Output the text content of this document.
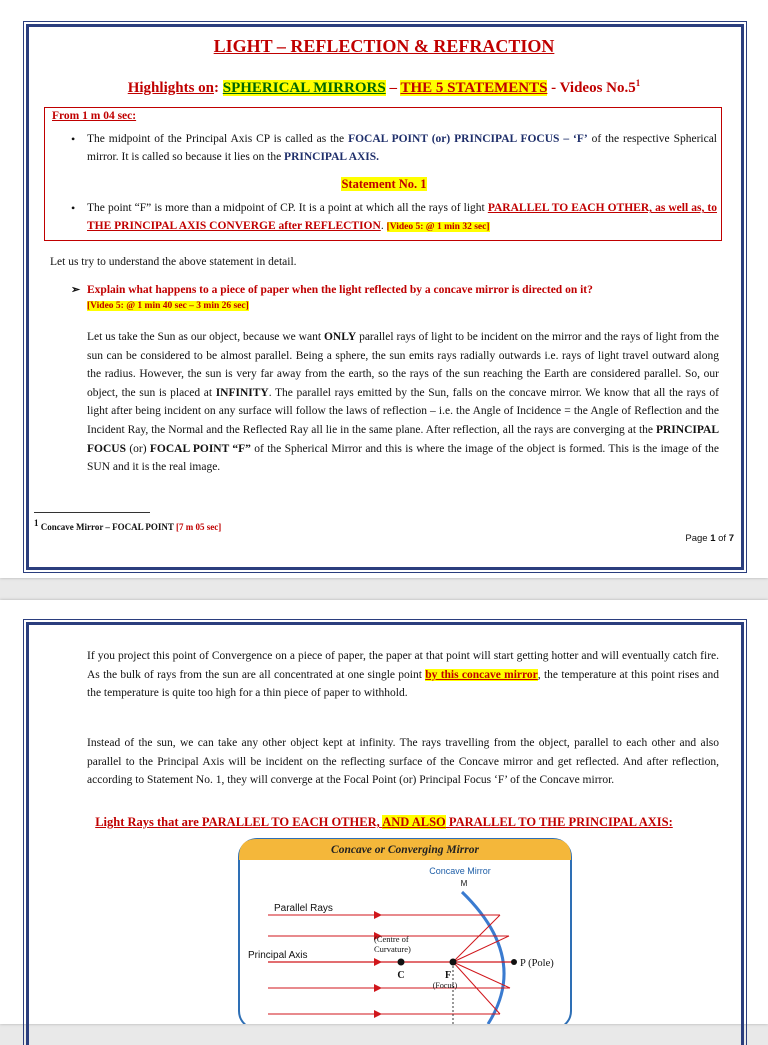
LIGHT – REFLECTION & REFRACTION

Highlights on: SPHERICAL MIRRORS – THE 5 STATEMENTS - Videos $No.5^1$

From 1 m 04 sec:
• The midpoint of the Principal Axis CP is called as the FOCAL POINT (or) PRINCIPAL FOCUS – ‘F’ of the respective Spherical mirror. It is called so because it lies on the PRINCIPAL AXIS.
Statement No. 1
• The point “F” is more than a midpoint of CP. It is a point at which all the rays of light PARALLEL TO EACH OTHER, as well as, to THE PRINCIPAL AXIS CONVERGE after REFLECTION. [Video 5: @ 1 min 32 sec]

Let us try to understand the above statement in detail.

➢ Explain what happens to a piece of paper when the light reflected by a concave mirror is directed on it?
[Video 5: @ 1 min 40 sec – 3 min 26 sec]

Let us take the Sun as our object, because we want ONLY parallel rays of light to be incident on the mirror and the rays of light from the sun can be considered to be almost parallel. Being a sphere, the sun emits rays radially outwards i.e. rays of light travel outward along the radius. However, the sun is very far away from the earth, so the rays of the sun reaching the Earth are considered parallel. So, our object, the sun is placed at INFINITY. The parallel rays emitted by the Sun, falls on the concave mirror. We know that all the rays of light after being incident on any surface will follow the laws of reflection – i.e. the Angle of Incidence = the Angle of Reflection and the Incident Ray, the Normal and the Reflected Ray all lie in the same plane. After reflection, all the rays are converging at the PRINCIPAL FOCUS (or) FOCAL POINT “F” of the Spherical Mirror and this is where the image of the object is formed. This is the image of the SUN and it is the real image.

1 Concave Mirror – FOCAL POINT [7 m 05 sec]
Page 1 of 7

If you project this point of Convergence on a piece of paper, the paper at that point will start getting hotter and will eventually catch fire. As the bulk of rays from the sun are all concentrated at one single point by this concave mirror, the temperature at this point rises and the temperature is quite too high for a thin piece of paper to withhold.

Instead of the sun, we can take any other object kept at infinity. The rays travelling from the object, parallel to each other and also parallel to the Principal Axis will be incident on the reflecting surface of the Concave mirror and get reflected. And after reflection, according to Statement No. 1, they will converge at the Focal Point (or) Principal Focus ‘F’ of the Concave mirror.

Light Rays that are PARALLEL TO EACH OTHER, AND ALSO PARALLEL TO THE PRINCIPAL AXIS:
Concave or Converging Mirror
Concave Mirror
M
Parallel Rays
Principal Axis
(Centre of Curvature)
C	F
(Focus)
P (Pole)
